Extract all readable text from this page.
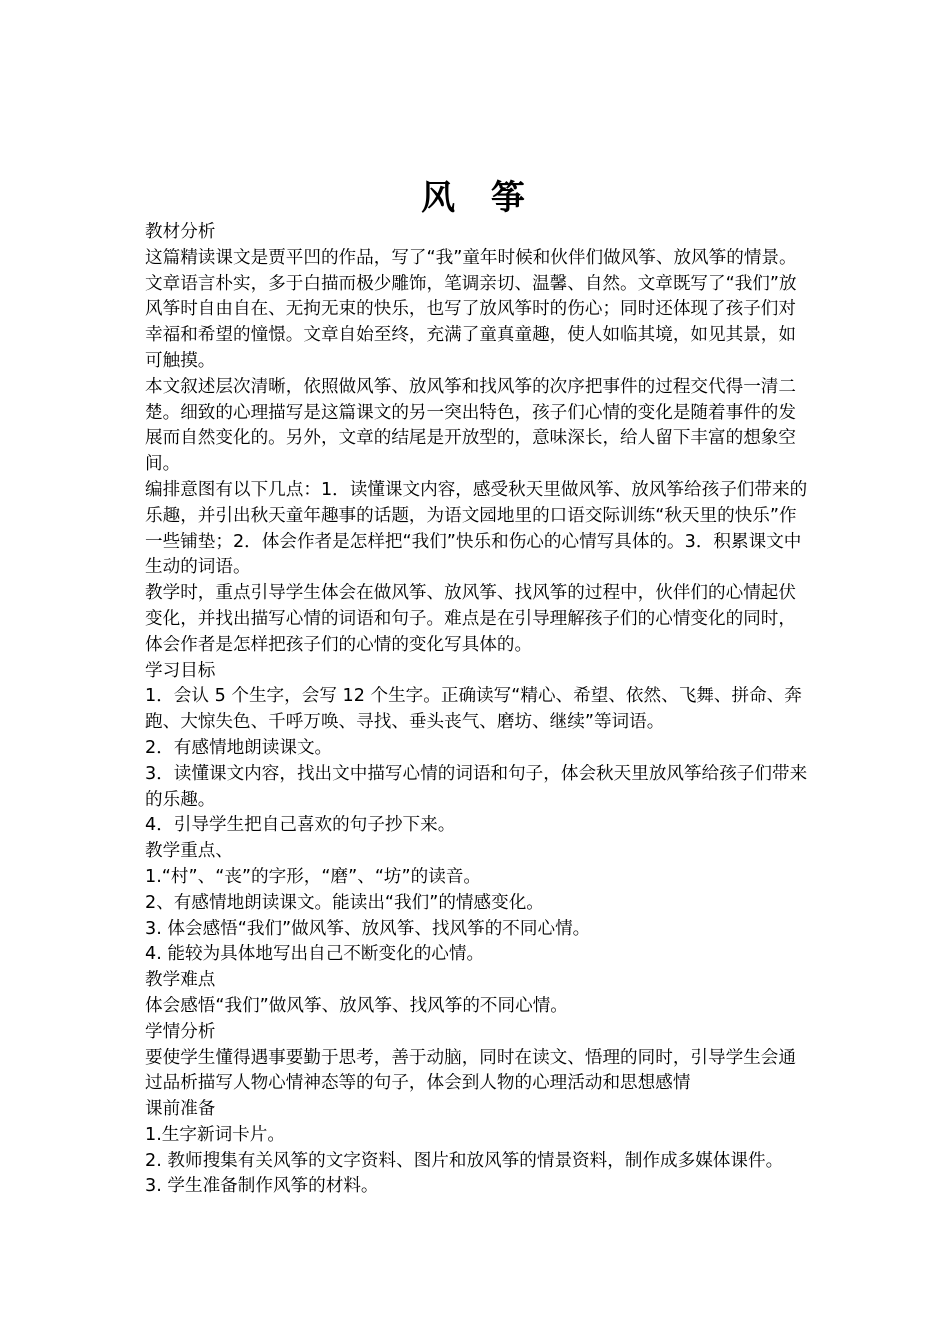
风 筝

教材分析

这篇精读课文是贾平凹的作品，写了“我”童年时候和伙伴们做风筝、放风筝的情景。文章语言朴实，多于白描而极少雕饰，笔调亲切、温馨、自然。文章既写了“我们”放风筝时自由自在、无拘无束的快乐，也写了放风筝时的伤心；同时还体现了孩子们对幸福和希望的憧憬。文章自始至终，充满了童真童趣，使人如临其境，如见其景，如可触摸。

本文叙述层次清晰，依照做风筝、放风筝和找风筝的次序把事件的过程交代得一清二楚。细致的心理描写是这篇课文的另一突出特色，孩子们心情的变化是随着事件的发展而自然变化的。另外，文章的结尾是开放型的，意味深长，给人留下丰富的想象空间。

编排意图有以下几点：1．读懂课文内容，感受秋天里做风筝、放风筝给孩子们带来的乐趣，并引出秋天童年趣事的话题，为语文园地里的口语交际训练“秋天里的快乐”作一些铺垫；2．体会作者是怎样把“我们”快乐和伤心的心情写具体的。3．积累课文中生动的词语。

教学时，重点引导学生体会在做风筝、放风筝、找风筝的过程中，伙伴们的心情起伏变化，并找出描写心情的词语和句子。难点是在引导理解孩子们的心情变化的同时，体会作者是怎样把孩子们的心情的变化写具体的。

学习目标

1．会认 5 个生字，会写 12 个生字。正确读写“精心、希望、依然、飞舞、拼命、奔跑、大惊失色、千呼万唤、寻找、垂头丧气、磨坊、继续”等词语。

2．有感情地朗读课文。

3．读懂课文内容，找出文中描写心情的词语和句子，体会秋天里放风筝给孩子们带来的乐趣。

4．引导学生把自己喜欢的句子抄下来。

教学重点、

1.“村”、“丧”的字形，“磨”、“坊”的读音。

2、有感情地朗读课文。能读出“我们”的情感变化。

3. 体会感悟“我们”做风筝、放风筝、找风筝的不同心情。

4. 能较为具体地写出自己不断变化的心情。

教学难点

体会感悟“我们”做风筝、放风筝、找风筝的不同心情。

学情分析

要使学生懂得遇事要勤于思考，善于动脑，同时在读文、悟理的同时，引导学生会通过品析描写人物心情神态等的句子，体会到人物的心理活动和思想感情

课前准备

1.生字新词卡片。

2. 教师搜集有关风筝的文字资料、图片和放风筝的情景资料，制作成多媒体课件。

3. 学生准备制作风筝的材料。
